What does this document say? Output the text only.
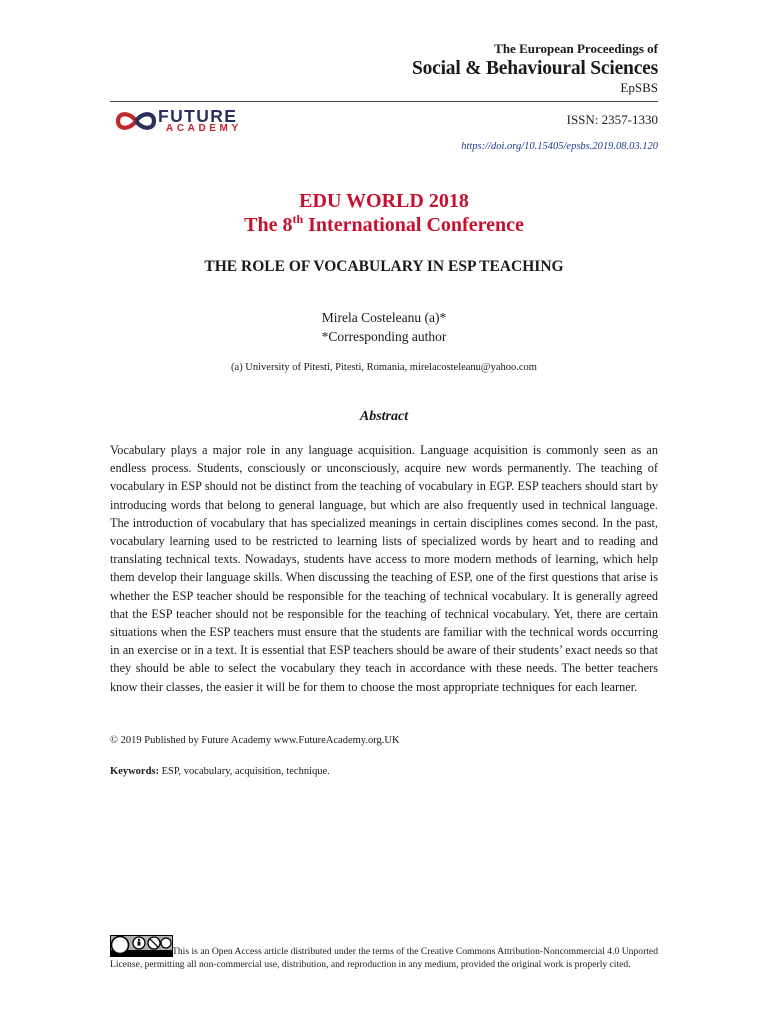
The European Proceedings of
Social & Behavioural Sciences
EpSBS
FUTURE
ACADEMY
ISSN: 2357-1330
https://doi.org/10.15405/epsbs.2019.08.03.120
EDU WORLD 2018
The 8th International Conference
THE ROLE OF VOCABULARY IN ESP TEACHING
Mirela Costeleanu (a)*
*Corresponding author
(a) University of Pitesti, Pitesti, Romania, mirelacosteleanu@yahoo.com
Abstract
Vocabulary plays a major role in any language acquisition. Language acquisition is commonly seen as an endless process. Students, consciously or unconsciously, acquire new words permanently. The teaching of vocabulary in ESP should not be distinct from the teaching of vocabulary in EGP. ESP teachers should start by introducing words that belong to general language, but which are also frequently used in technical language. The introduction of vocabulary that has specialized meanings in certain disciplines comes second. In the past, vocabulary learning used to be restricted to learning lists of specialized words by heart and to reading and translating technical texts. Nowadays, students have access to more modern methods of learning, which help them develop their language skills. When discussing the teaching of ESP, one of the first questions that arise is whether the ESP teacher should be responsible for the teaching of technical vocabulary. It is generally agreed that the ESP teacher should not be responsible for the teaching of technical vocabulary. Yet, there are certain situations when the ESP teachers must ensure that the students are familiar with the technical words occurring in an exercise or in a text. It is essential that ESP teachers should be aware of their students’ exact needs so that they should be able to select the vocabulary they teach in accordance with these needs. The better teachers know their classes, the easier it will be for them to choose the most appropriate techniques for each learner.
© 2019 Published by Future Academy www.FutureAcademy.org.UK
Keywords: ESP, vocabulary, acquisition, technique.
This is an Open Access article distributed under the terms of the Creative Commons Attribution-Noncommercial 4.0 Unported License, permitting all non-commercial use, distribution, and reproduction in any medium, provided the original work is properly cited.
